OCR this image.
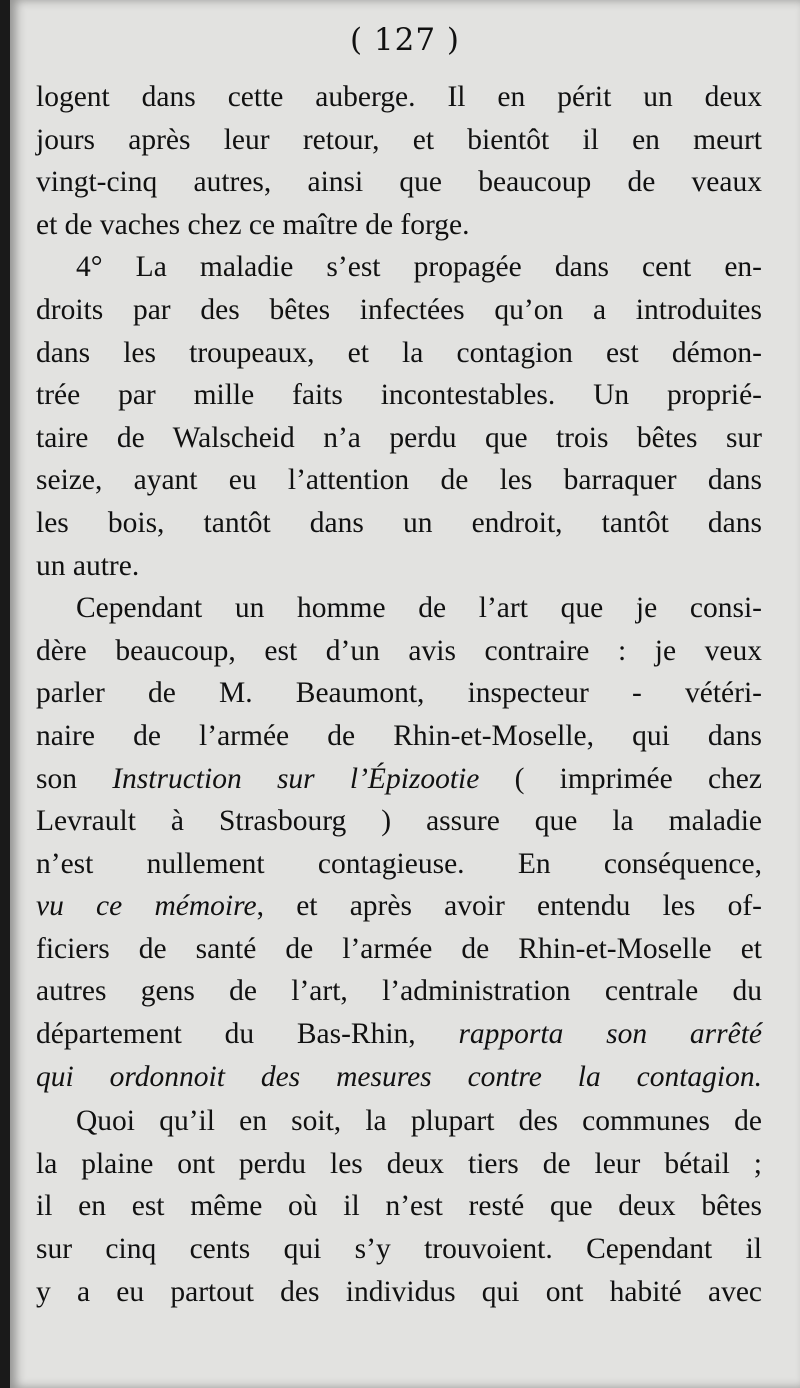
( 127 )
logent dans cette auberge. Il en périt un deux
jours après leur retour, et bientôt il en meurt
vingt-cinq autres, ainsi que beaucoup de veaux
et de vaches chez ce maître de forge.
4° La maladie s’est propagée dans cent en-
droits par des bêtes infectées qu’on a introduites
dans les troupeaux, et la contagion est démon-
trée par mille faits incontestables. Un proprié-
taire de Walscheid n’a perdu que trois bêtes sur
seize, ayant eu l’attention de les barraquer dans
les bois, tantôt dans un endroit, tantôt dans
un autre.
Cependant un homme de l’art que je consi-
dère beaucoup, est d’un avis contraire : je veux
parler de M. Beaumont, inspecteur - vétéri-
naire de l’armée de Rhin-et-Moselle, qui dans
son Instruction sur l’Épizootie ( imprimée chez
Levrault à Strasbourg ) assure que la maladie
n’est nullement contagieuse. En conséquence,
vu ce mémoire, et après avoir entendu les of-
ficiers de santé de l’armée de Rhin-et-Moselle et
autres gens de l’art, l’administration centrale du
département du Bas-Rhin, rapporta son arrêté
qui ordonnoit des mesures contre la contagion.
Quoi qu’il en soit, la plupart des communes de
la plaine ont perdu les deux tiers de leur bétail ;
il en est même où il n’est resté que deux bêtes
sur cinq cents qui s’y trouvoient. Cependant il
y a eu partout des individus qui ont habité avec
